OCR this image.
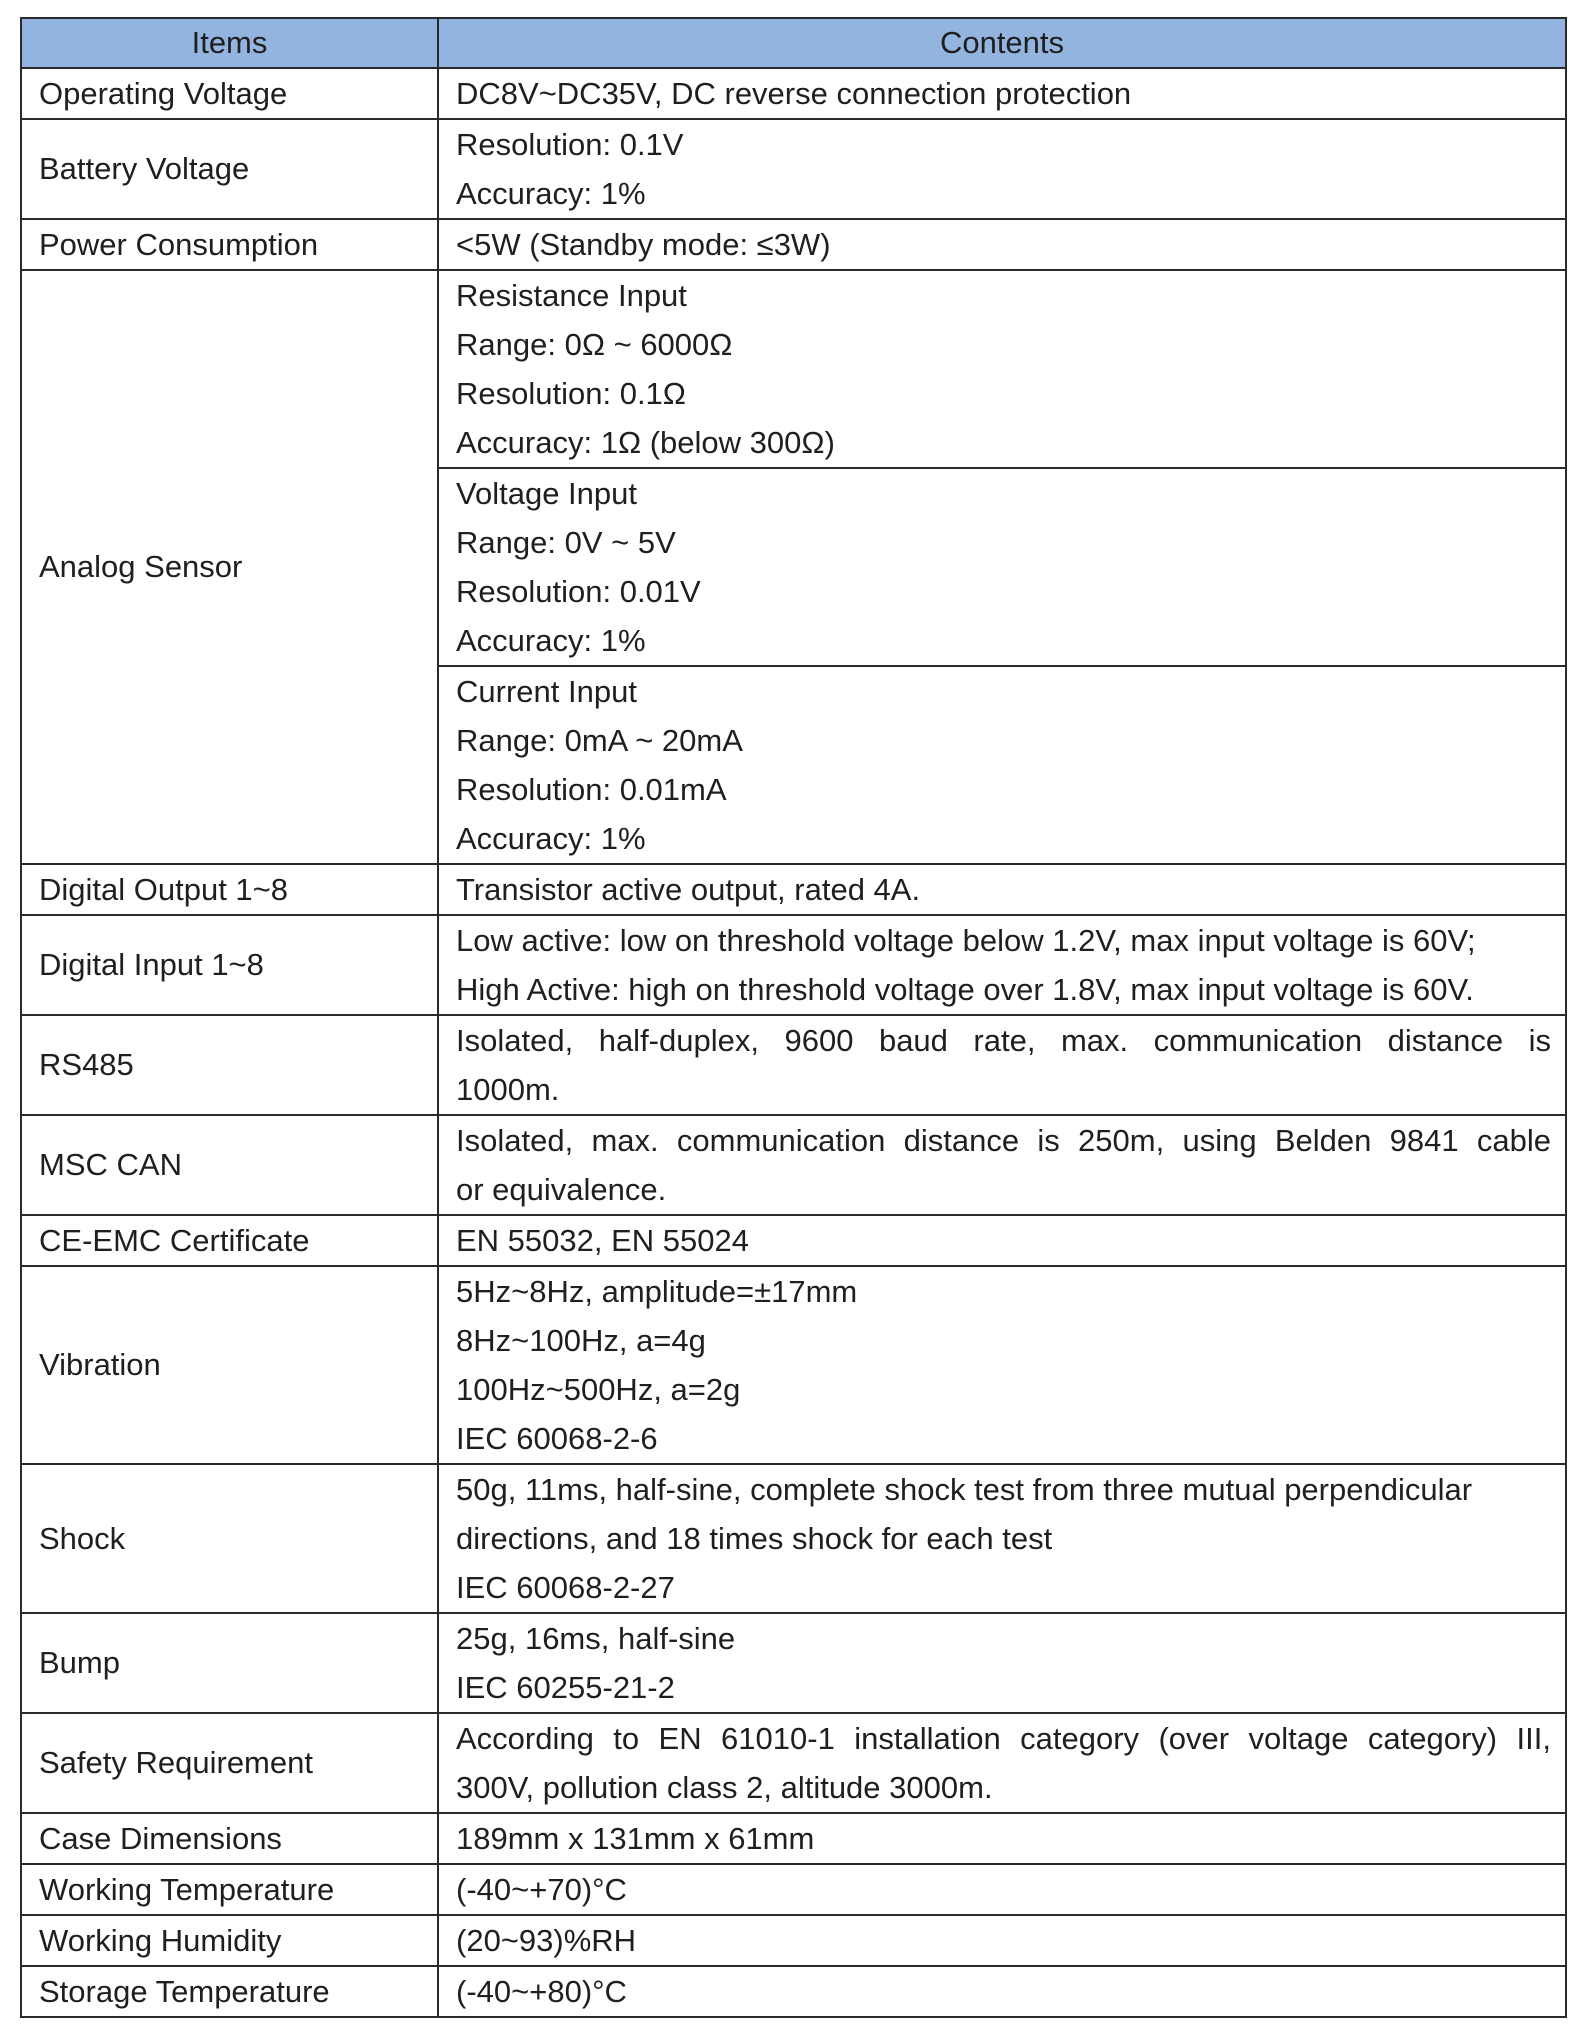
Items	Contents
Operating Voltage	DC8V~DC35V, DC reverse connection protection

Battery Voltage	Resolution: 0.1V
Accuracy: 1%

Power Consumption	<5W (Standby mode: ≤3W)

Analog Sensor	Resistance Input
Range: 0Ω ~ 6000Ω
Resolution: 0.1Ω
Accuracy: 1Ω (below 300Ω)

	Voltage Input
Range: 0V ~ 5V
Resolution: 0.01V
Accuracy: 1%

	Current Input
Range: 0mA ~ 20mA
Resolution: 0.01mA
Accuracy: 1%

Digital Output 1~8	Transistor active output, rated 4A.

Digital Input 1~8	Low active: low on threshold voltage below 1.2V, max input voltage is 60V;
High Active: high on threshold voltage over 1.8V, max input voltage is 60V.

RS485	Isolated, half-duplex, 9600 baud rate, max. communication distance is
1000m.

MSC CAN	Isolated, max. communication distance is 250m, using Belden 9841 cable
or equivalence.

CE-EMC Certificate	EN 55032, EN 55024

Vibration	5Hz~8Hz, amplitude=±17mm
8Hz~100Hz, a=4g
100Hz~500Hz, a=2g
IEC 60068-2-6

Shock	50g, 11ms, half-sine, complete shock test from three mutual perpendicular
directions, and 18 times shock for each test
IEC 60068-2-27

Bump	25g, 16ms, half-sine
IEC 60255-21-2

Safety Requirement	According to EN 61010-1 installation category (over voltage category) III,
300V, pollution class 2, altitude 3000m.

Case Dimensions	189mm x 131mm x 61mm

Working Temperature	(-40~+70)°C

Working Humidity	(20~93)%RH

Storage Temperature	(-40~+80)°C
